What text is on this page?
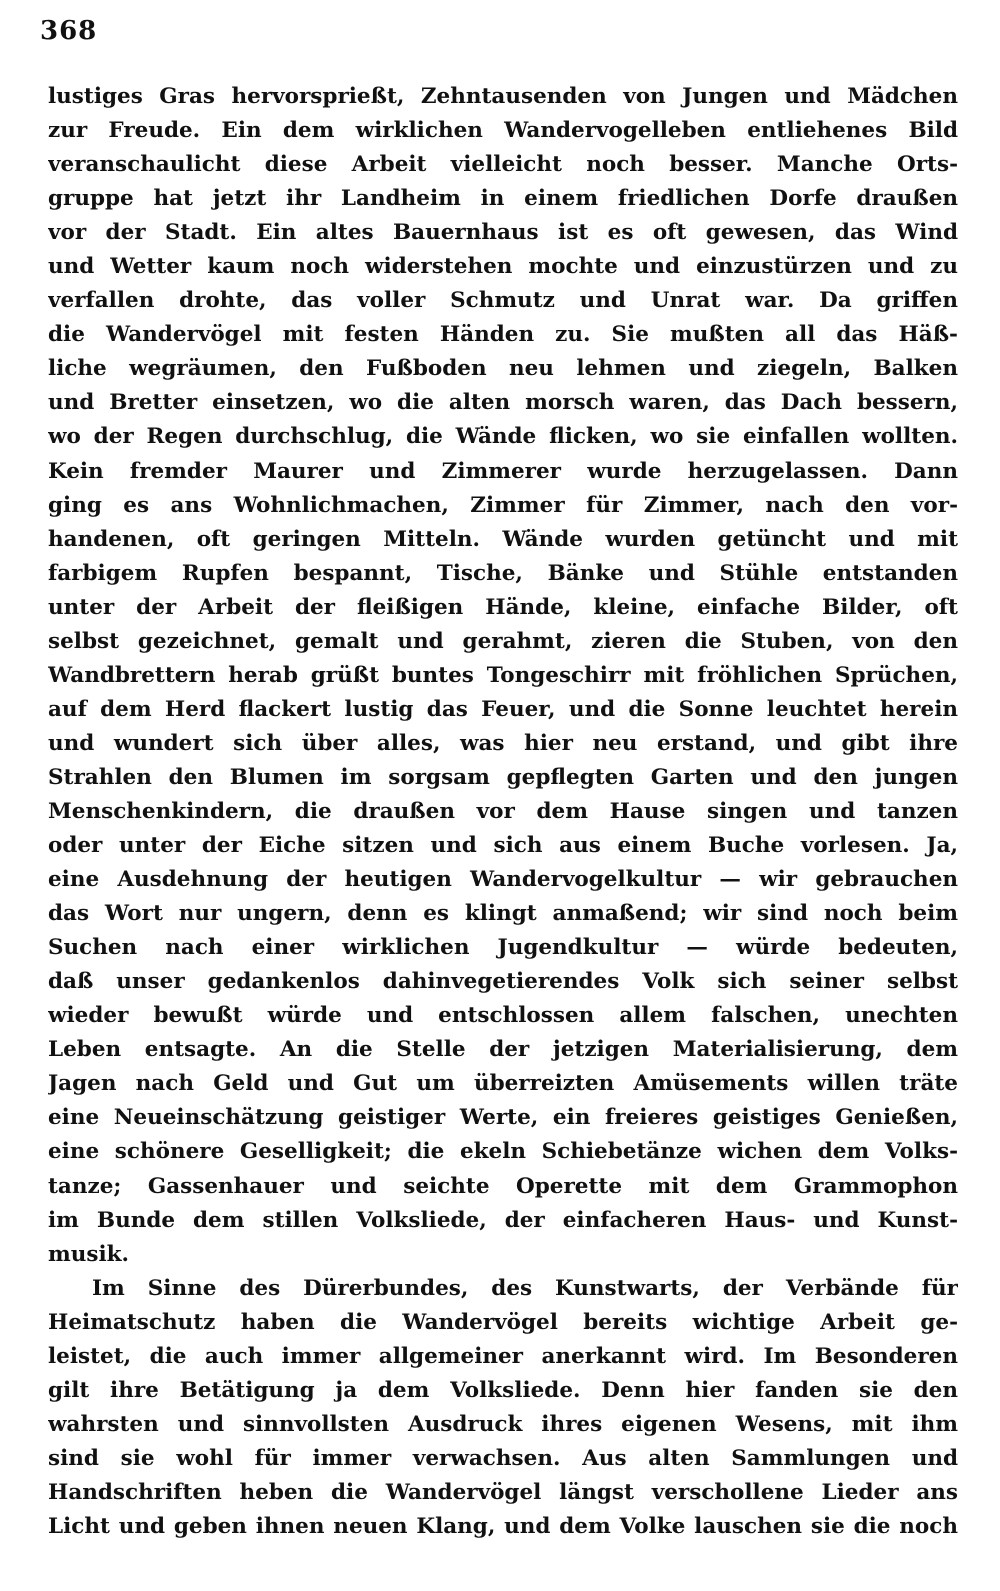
368
lustiges Gras hervorsprießt, Zehntausenden von Jungen und Mädchen
zur Freude. Ein dem wirklichen Wandervogelleben entliehenes Bild
veranschaulicht diese Arbeit vielleicht noch besser. Manche Orts-
gruppe hat jetzt ihr Landheim in einem friedlichen Dorfe draußen
vor der Stadt. Ein altes Bauernhaus ist es oft gewesen, das Wind
und Wetter kaum noch widerstehen mochte und einzustürzen und zu
verfallen drohte, das voller Schmutz und Unrat war. Da griffen
die Wandervögel mit festen Händen zu. Sie mußten all das Häß-
liche wegräumen, den Fußboden neu lehmen und ziegeln, Balken
und Bretter einsetzen, wo die alten morsch waren, das Dach bessern,
wo der Regen durchschlug, die Wände flicken, wo sie einfallen wollten.
Kein fremder Maurer und Zimmerer wurde herzugelassen. Dann
ging es ans Wohnlichmachen, Zimmer für Zimmer, nach den vor-
handenen, oft geringen Mitteln. Wände wurden getüncht und mit
farbigem Rupfen bespannt, Tische, Bänke und Stühle entstanden
unter der Arbeit der fleißigen Hände, kleine, einfache Bilder, oft
selbst gezeichnet, gemalt und gerahmt, zieren die Stuben, von den
Wandbrettern herab grüßt buntes Tongeschirr mit fröhlichen Sprüchen,
auf dem Herd flackert lustig das Feuer, und die Sonne leuchtet herein
und wundert sich über alles, was hier neu erstand, und gibt ihre
Strahlen den Blumen im sorgsam gepflegten Garten und den jungen
Menschenkindern, die draußen vor dem Hause singen und tanzen
oder unter der Eiche sitzen und sich aus einem Buche vorlesen. Ja,
eine Ausdehnung der heutigen Wandervogelkultur — wir gebrauchen
das Wort nur ungern, denn es klingt anmaßend; wir sind noch beim
Suchen nach einer wirklichen Jugendkultur — würde bedeuten,
daß unser gedankenlos dahinvegetierendes Volk sich seiner selbst
wieder bewußt würde und entschlossen allem falschen, unechten
Leben entsagte. An die Stelle der jetzigen Materialisierung, dem
Jagen nach Geld und Gut um überreizten Amüsements willen träte
eine Neueinschätzung geistiger Werte, ein freieres geistiges Genießen,
eine schönere Geselligkeit; die ekeln Schiebetänze wichen dem Volks-
tanze; Gassenhauer und seichte Operette mit dem Grammophon
im Bunde dem stillen Volksliede, der einfacheren Haus- und Kunst-
musik.
Im Sinne des Dürerbundes, des Kunstwarts, der Verbände für
Heimatschutz haben die Wandervögel bereits wichtige Arbeit ge-
leistet, die auch immer allgemeiner anerkannt wird. Im Besonderen
gilt ihre Betätigung ja dem Volksliede. Denn hier fanden sie den
wahrsten und sinnvollsten Ausdruck ihres eigenen Wesens, mit ihm
sind sie wohl für immer verwachsen. Aus alten Sammlungen und
Handschriften heben die Wandervögel längst verschollene Lieder ans
Licht und geben ihnen neuen Klang, und dem Volke lauschen sie die noch
